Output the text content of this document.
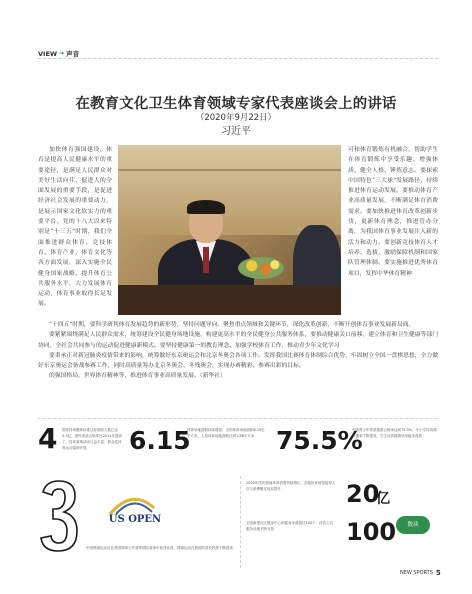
VIEW ➜ 声音
在教育文化卫生体育领域专家代表座谈会上的讲话
（2020年9月22日）
习近平

加快体育强国建设，体育是提高人民健康水平的重要途径，是满足人民群众对美好生活向往、促进人的全面发展的重要手段，是促进经济社会发展的重要动力，是展示国家文化软实力的重要平台。党的十八大以来特别是“十三五”时期，我们全面推进群众体育、竞技体育、体育产业、体育文化等各方面发展，深入实施全民健身国家战略，提升体育公共服务水平，大力发展体育运动，体育事业取得长足发展。

可和体育锻炼有机融合，帮助学生在体育锻炼中享受乐趣、增强体质、健全人格、锤炼意志。要探索中国特色“三大球”发展路径，持续推进体育运动发展。要推动体育产业高质量发展，不断满足体育消费需求。要加快推进体育改革创新步伐，更新体育理念，推进管办分离，为我国体育事业发展注入新的活力和动力。要创新竞技体育人才培养、选拔、激励保障机制和国家队管理体制。要实施推进优秀体育项目，发挥中华体育精神

“十四五”时期，要科学研判体育发展趋势的新形势，坚持问题导向，聚焦重点领域和关键环节，深化改革创新，不断开创体育事业发展新局面。

要紧紧围绕满足人民群众需求，统筹建设全民健身场地设施，构建更高水平的全民健身公共服务体系。要推动健康关口前移，建立体育和卫生健康等部门协同、全社会共同参与的运动促进健康新模式。要坚持健康第一的教育理念，加强学校体育工作，推动青少年文化学习

要秉承正对新冠肺炎疫情带来的影响，统筹做好东京奥运会和北京冬奥会各项工作。发挥我国比赛体育体制综合优势，牢固树立全国一盘棋思想，全力做好东京奥运会备战参赛工作，同时高质量筹办北京冬奥会、冬残奥会，实现办赛精彩、参赛出彩的目标。

的强国格局，世界体育精神等，推进体育事业高质量发展。（新华社）

4 国家体育锻炼标准达标测试人数已达4.3亿，国民体质合格率比2014年提高了，体育赛事活动日益丰富，群众性体育运动蓬勃开展	6.15
体育场地面积持续增加，全国体育场地面积6.15亿平方米，人均体育场地面积达到1.86平方米 75.5%
中国青少年体质健康合格率达到75.5%，中小学体育课开课率不断提高，学生体质健康状况稳步改善
US OPEN
中国网球运动员在美国网球公开赛等国际赛事中取得佳绩，网球运动在我国的普及程度不断提高
2020年国庆期间体育消费持续增长，各地体育场馆接待人次与消费额实现双提升	20
亿
全国新建社区健身中心和健身步道超过100个，体育公共服务设施不断完善	100	数读
NEW SPORTS 5
